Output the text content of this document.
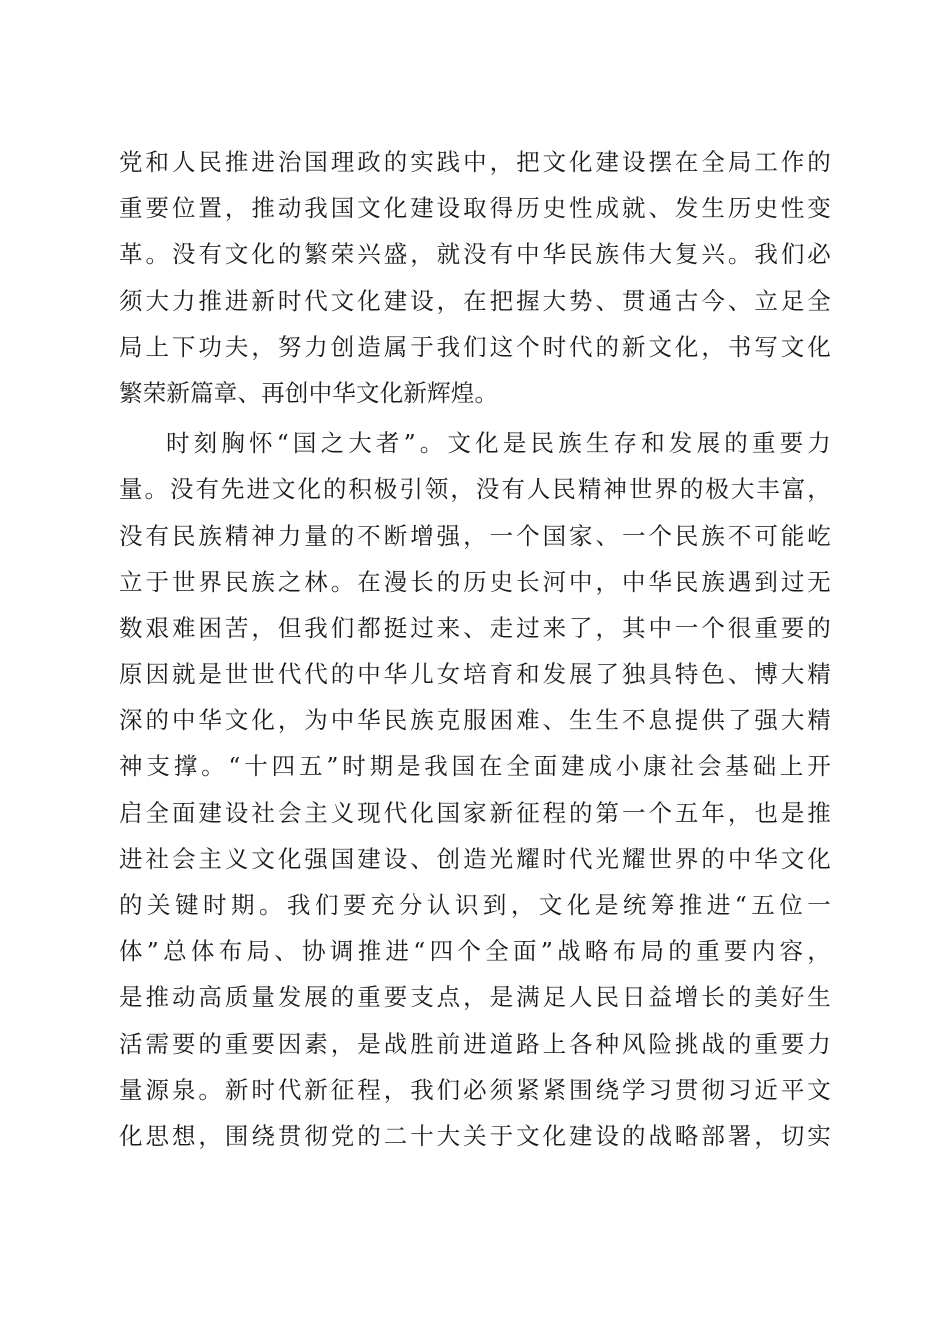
党和人民推进治国理政的实践中，把文化建设摆在全局工作的
重要位置，推动我国文化建设取得历史性成就、发生历史性变
革。没有文化的繁荣兴盛，就没有中华民族伟大复兴。我们必
须大力推进新时代文化建设，在把握大势、贯通古今、立足全
局上下功夫，努力创造属于我们这个时代的新文化，书写文化
繁荣新篇章、再创中华文化新辉煌。
时刻胸怀“国之大者”。文化是民族生存和发展的重要力
量。没有先进文化的积极引领，没有人民精神世界的极大丰富，
没有民族精神力量的不断增强，一个国家、一个民族不可能屹
立于世界民族之林。在漫长的历史长河中，中华民族遇到过无
数艰难困苦，但我们都挺过来、走过来了，其中一个很重要的
原因就是世世代代的中华儿女培育和发展了独具特色、博大精
深的中华文化，为中华民族克服困难、生生不息提供了强大精
神支撑。“十四五”时期是我国在全面建成小康社会基础上开
启全面建设社会主义现代化国家新征程的第一个五年，也是推
进社会主义文化强国建设、创造光耀时代光耀世界的中华文化
的关键时期。我们要充分认识到，文化是统筹推进“五位一
体”总体布局、协调推进“四个全面”战略布局的重要内容，
是推动高质量发展的重要支点，是满足人民日益增长的美好生
活需要的重要因素，是战胜前进道路上各种风险挑战的重要力
量源泉。新时代新征程，我们必须紧紧围绕学习贯彻习近平文
化思想，围绕贯彻党的二十大关于文化建设的战略部署，切实
